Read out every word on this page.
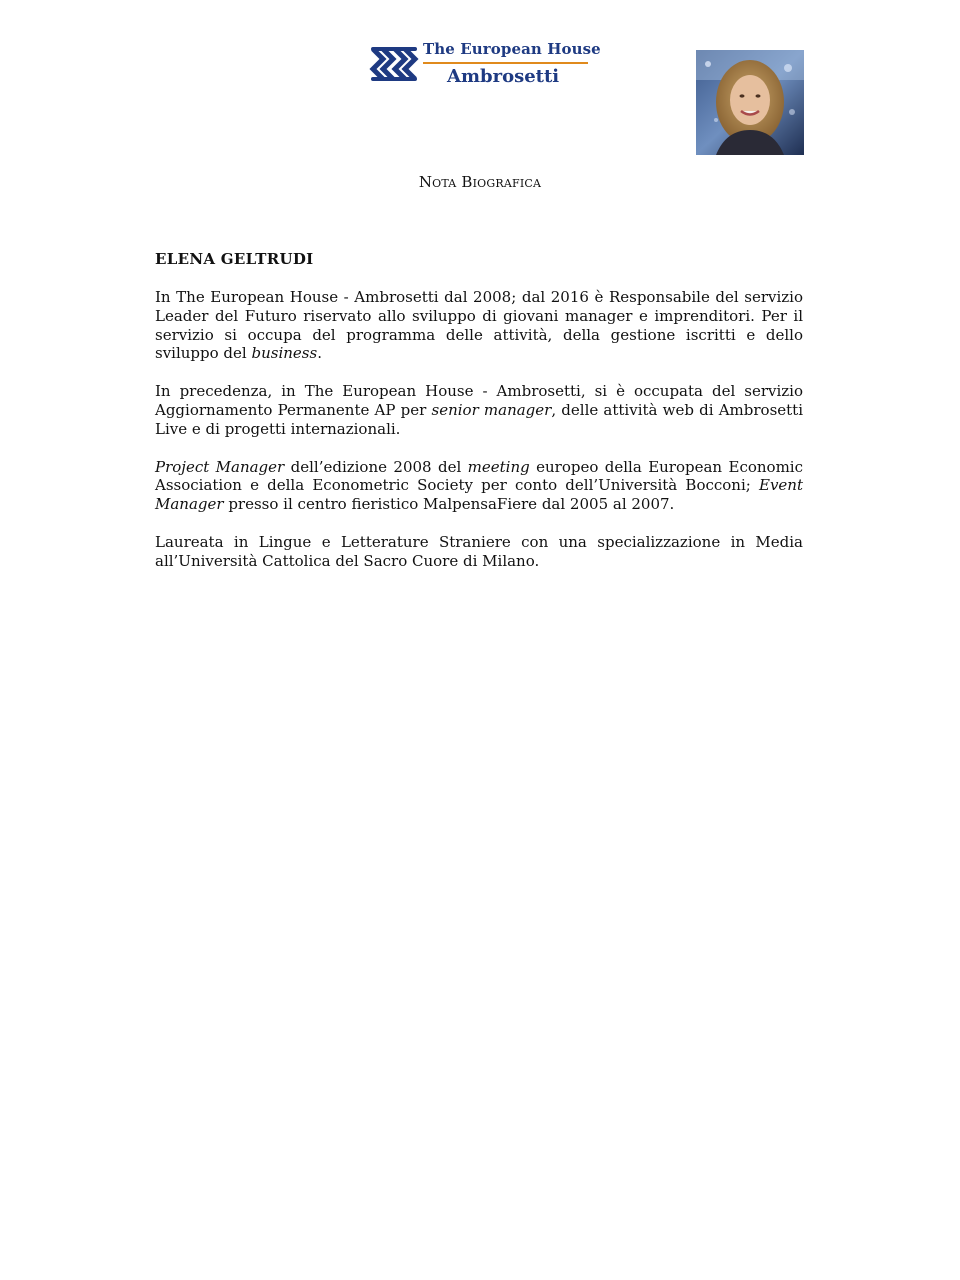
The European House
Ambrosetti
Nota Biografica
ELENA GELTRUDI

In The European House - Ambrosetti dal 2008; dal 2016 è Responsabile del servizio Leader del Futuro riservato allo sviluppo di giovani manager e imprenditori. Per il servizio si occupa del programma delle attività, della gestione iscritti e dello sviluppo del business.

In precedenza, in The European House - Ambrosetti, si è occupata del servizio Aggiornamento Permanente AP per senior manager, delle attività web di Ambrosetti Live e di progetti internazionali.

Project Manager dell’edizione 2008 del meeting europeo della European Economic Association e della Econometric Society per conto dell’Università Bocconi; Event Manager presso il centro fieristico MalpensaFiere dal 2005 al 2007.

Laureata in Lingue e Letterature Straniere con una specializzazione in Media all’Università Cattolica del Sacro Cuore di Milano.
